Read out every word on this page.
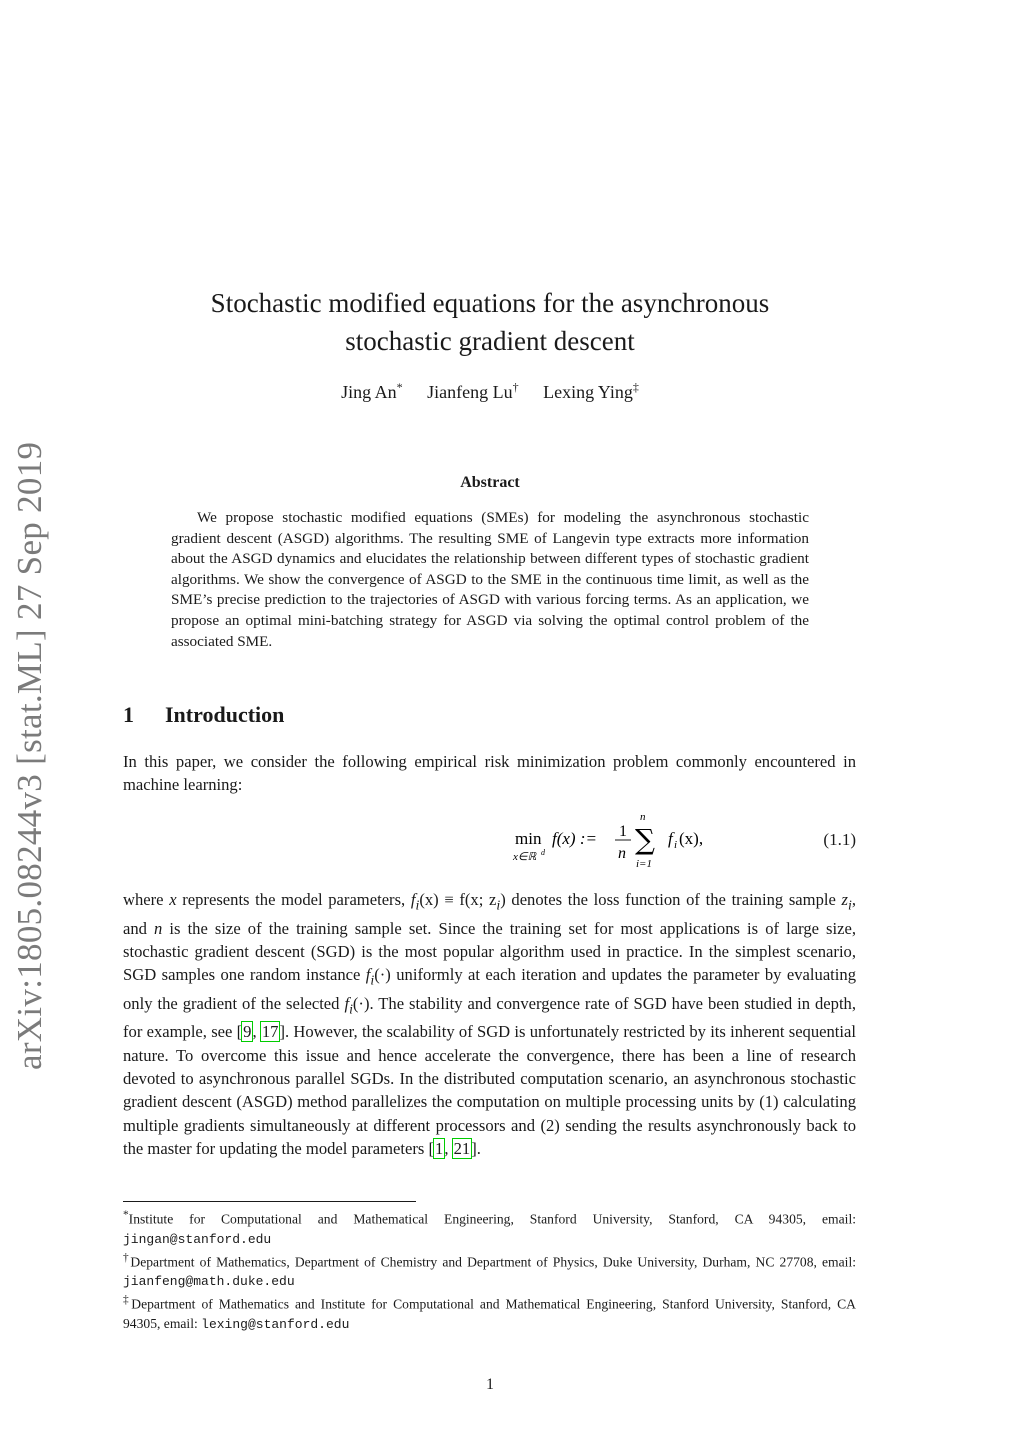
arXiv:1805.08244v3 [stat.ML] 27 Sep 2019
Stochastic modified equations for the asynchronous
stochastic gradient descent
Jing An* Jianfeng Lu† Lexing Ying‡
Abstract

We propose stochastic modified equations (SMEs) for modeling the asynchronous stochastic gradient descent (ASGD) algorithms. The resulting SME of Langevin type extracts more information about the ASGD dynamics and elucidates the relationship between different types of stochastic gradient algorithms. We show the convergence of ASGD to the SME in the continuous time limit, as well as the SME’s precise prediction to the trajectories of ASGD with various forcing terms. As an application, we propose an optimal mini-batching strategy for ASGD via solving the optimal control problem of the associated SME.

1 Introduction

In this paper, we consider the following empirical risk minimization problem commonly encountered in machine learning:

min
x∈ℝ d
f(x) := 1
n
n
∑
i=1
f i (x),	(1.1)

where x represents the model parameters, $f_i(x) \equiv f(x$; $z_i$) denotes the loss function of the training sample $z_i$, and n is the size of the training sample set. Since the training set for most applications is of large size, stochastic gradient descent (SGD) is the most popular algorithm used in practice. In the simplest scenario, SGD samples one random instance $f_i(\cdot)$ uniformly at each iteration and updates the parameter by evaluating only the gradient of the selected $f_i(\cdot)$. The stability and convergence rate of SGD have been studied in depth, for example, see [9, 17]. However, the scalability of SGD is unfortunately restricted by its inherent sequential nature. To overcome this issue and hence accelerate the convergence, there has been a line of research devoted to asynchronous parallel SGDs. In the distributed computation scenario, an asynchronous stochastic gradient descent (ASGD) method parallelizes the computation on multiple processing units by (1) calculating multiple gradients simultaneously at different processors and (2) sending the results asynchronously back to the master for updating the model parameters [1, 21].

*Institute for Computational and Mathematical Engineering, Stanford University, Stanford, CA 94305, email: jingan@stanford.edu

†Department of Mathematics, Department of Chemistry and Department of Physics, Duke University, Durham, NC 27708, email: jianfeng@math.duke.edu

‡Department of Mathematics and Institute for Computational and Mathematical Engineering, Stanford University, Stanford, CA 94305, email: lexing@stanford.edu

1
